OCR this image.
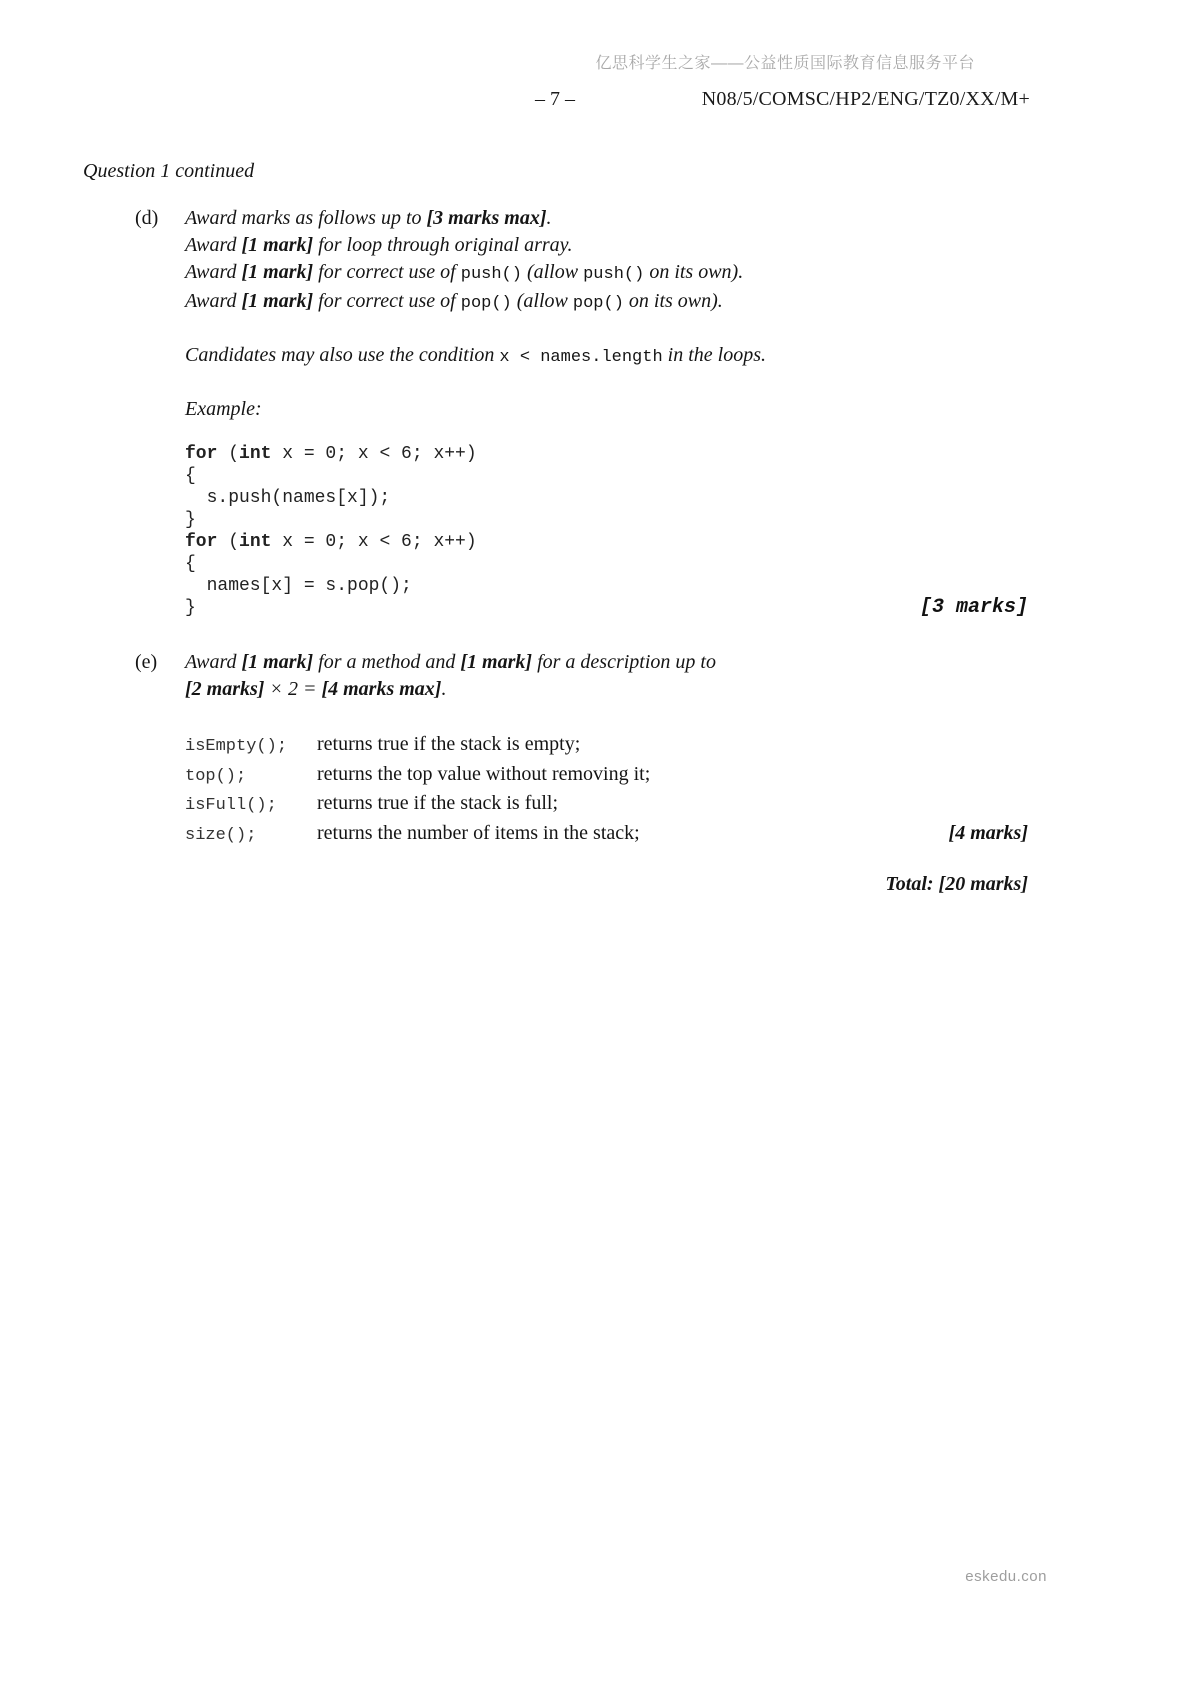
亿思科学生之家——公益性质国际教育信息服务平台
– 7 –	N08/5/COMSC/HP2/ENG/TZ0/XX/M+
Question 1 continued
(d)	Award marks as follows up to [3 marks max].
Award [1 mark] for loop through original array.
Award [1 mark] for correct use of push() (allow push() on its own).
Award [1 mark] for correct use of pop() (allow pop() on its own).
Candidates may also use the condition x < names.length in the loops.
Example:
for (int x = 0; x < 6; x++)
{
s.push(names[x]);
}
for (int x = 0; x < 6; x++)
{
names[x] = s.pop();
}	[3 marks]
(e)	Award [1 mark] for a method and [1 mark] for a description up to
[2 marks] × 2 = [4 marks max].
isEmpty();	returns true if the stack is empty;
top();	returns the top value without removing it;
isFull();	returns true if the stack is full;
size();	returns the number of items in the stack;	[4 marks]
Total: [20 marks]
eskedu.con
